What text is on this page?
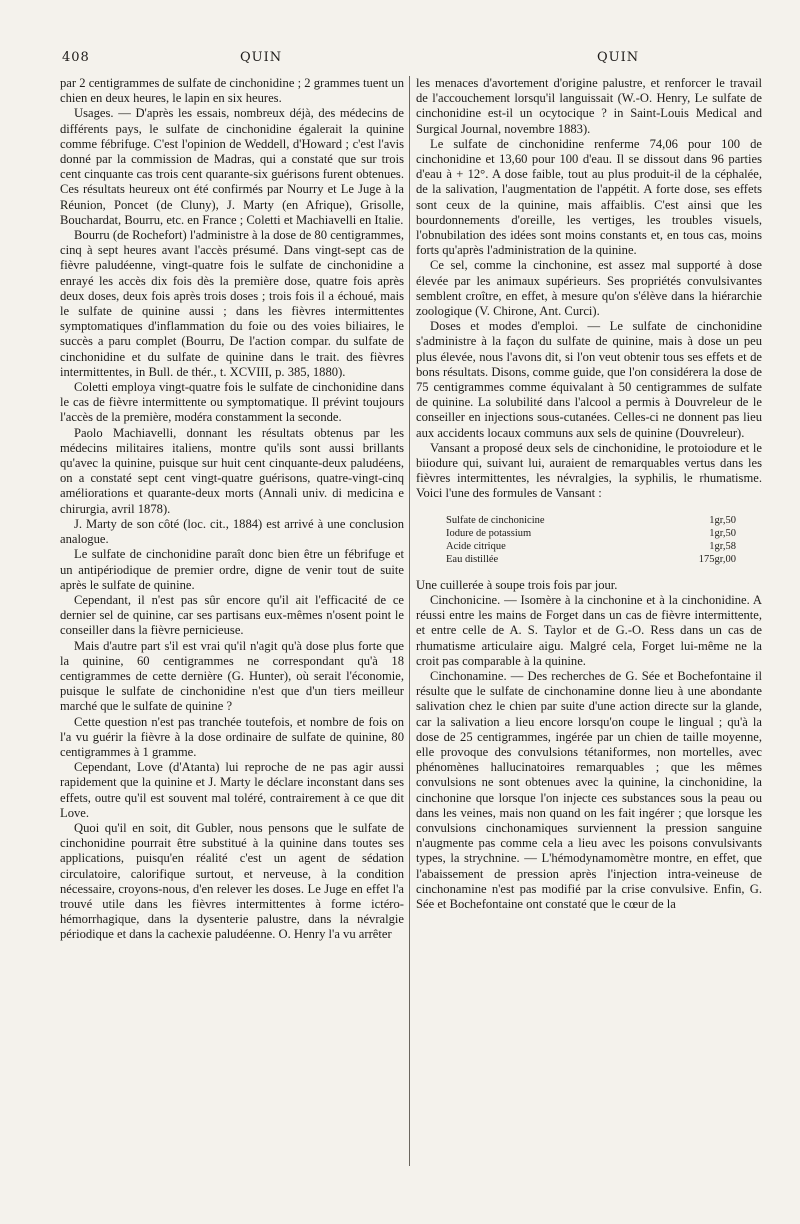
408	QUIN	QUIN

par 2 centigrammes de sulfate de cinchonidine ; 2 grammes tuent un chien en deux heures, le lapin en six heures.

Usages. — D'après les essais, nombreux déjà, des médecins de différents pays, le sulfate de cinchonidine égalerait la quinine comme fébrifuge. C'est l'opinion de Weddell, d'Howard ; c'est l'avis donné par la commission de Madras, qui a constaté que sur trois cent cinquante cas trois cent quarante-six guérisons furent obtenues. Ces résultats heureux ont été confirmés par Nourry et Le Juge à la Réunion, Poncet (de Cluny), J. Marty (en Afrique), Grisolle, Bouchardat, Bourru, etc. en France ; Coletti et Machiavelli en Italie.

Bourru (de Rochefort) l'administre à la dose de 80 centigrammes, cinq à sept heures avant l'accès présumé. Dans vingt-sept cas de fièvre paludéenne, vingt-quatre fois le sulfate de cinchonidine a enrayé les accès dix fois dès la première dose, quatre fois après deux doses, deux fois après trois doses ; trois fois il a échoué, mais le sulfate de quinine aussi ; dans les fièvres intermittentes symptomatiques d'inflammation du foie ou des voies biliaires, le succès a paru complet (Bourru, De l'action compar. du sulfate de cinchonidine et du sulfate de quinine dans le trait. des fièvres intermittentes, in Bull. de thér., t. XCVIII, p. 385, 1880).

Coletti employa vingt-quatre fois le sulfate de cinchonidine dans le cas de fièvre intermittente ou symptomatique. Il prévint toujours l'accès de la première, modéra constamment la seconde.

Paolo Machiavelli, donnant les résultats obtenus par les médecins militaires italiens, montre qu'ils sont aussi brillants qu'avec la quinine, puisque sur huit cent cinquante-deux paludéens, on a constaté sept cent vingt-quatre guérisons, quatre-vingt-cinq améliorations et quarante-deux morts (Annali univ. di medicina e chirurgia, avril 1878).

J. Marty de son côté (loc. cit., 1884) est arrivé à une conclusion analogue.

Le sulfate de cinchonidine paraît donc bien être un fébrifuge et un antipériodique de premier ordre, digne de venir tout de suite après le sulfate de quinine.

Cependant, il n'est pas sûr encore qu'il ait l'efficacité de ce dernier sel de quinine, car ses partisans eux-mêmes n'osent point le conseiller dans la fièvre pernicieuse.

Mais d'autre part s'il est vrai qu'il n'agit qu'à dose plus forte que la quinine, 60 centigrammes ne correspondant qu'à 18 centigrammes de cette dernière (G. Hunter), où serait l'économie, puisque le sulfate de cinchonidine n'est que d'un tiers meilleur marché que le sulfate de quinine ?

Cette question n'est pas tranchée toutefois, et nombre de fois on l'a vu guérir la fièvre à la dose ordinaire de sulfate de quinine, 80 centigrammes à 1 gramme.

Cependant, Love (d'Atanta) lui reproche de ne pas agir aussi rapidement que la quinine et J. Marty le déclare inconstant dans ses effets, outre qu'il est souvent mal toléré, contrairement à ce que dit Love.

Quoi qu'il en soit, dit Gubler, nous pensons que le sulfate de cinchonidine pourrait être substitué à la quinine dans toutes ses applications, puisqu'en réalité c'est un agent de sédation circulatoire, calorifique surtout, et nerveuse, à la condition nécessaire, croyons-nous, d'en relever les doses. Le Juge en effet l'a trouvé utile dans les fièvres intermittentes à forme ictéro-hémorrhagique, dans la dysenterie palustre, dans la névralgie périodique et dans la cachexie paludéenne. O. Henry l'a vu arrêter

les menaces d'avortement d'origine palustre, et renforcer le travail de l'accouchement lorsqu'il languissait (W.-O. Henry, Le sulfate de cinchonidine est-il un ocytocique ? in Saint-Louis Medical and Surgical Journal, novembre 1883).

Le sulfate de cinchonidine renferme 74,06 pour 100 de cinchonidine et 13,60 pour 100 d'eau. Il se dissout dans 96 parties d'eau à + 12°. A dose faible, tout au plus produit-il de la céphalée, de la salivation, l'augmentation de l'appétit. A forte dose, ses effets sont ceux de la quinine, mais affaiblis. C'est ainsi que les bourdonnements d'oreille, les vertiges, les troubles visuels, l'obnubilation des idées sont moins constants et, en tous cas, moins forts qu'après l'administration de la quinine.

Ce sel, comme la cinchonine, est assez mal supporté à dose élevée par les animaux supérieurs. Ses propriétés convulsivantes semblent croître, en effet, à mesure qu'on s'élève dans la hiérarchie zoologique (V. Chirone, Ant. Curci).

Doses et modes d'emploi. — Le sulfate de cinchonidine s'administre à la façon du sulfate de quinine, mais à dose un peu plus élevée, nous l'avons dit, si l'on veut obtenir tous ses effets et de bons résultats. Disons, comme guide, que l'on considérera la dose de 75 centigrammes comme équivalant à 50 centigrammes de sulfate de quinine. La solubilité dans l'alcool a permis à Douvreleur de le conseiller en injections sous-cutanées. Celles-ci ne donnent pas lieu aux accidents locaux communs aux sels de quinine (Douvreleur).

Vansant a proposé deux sels de cinchonidine, le protoiodure et le biiodure qui, suivant lui, auraient de remarquables vertus dans les fièvres intermittentes, les névralgies, la syphilis, le rhumatisme. Voici l'une des formules de Vansant :

Sulfate de cinchonicine	1gr,50
Iodure de potassium	1gr,50
Acide citrique	1gr,58
Eau distillée	175gr,00

Une cuillerée à soupe trois fois par jour.

Cinchonicine. — Isomère à la cinchonine et à la cinchonidine. A réussi entre les mains de Forget dans un cas de fièvre intermittente, et entre celle de A. S. Taylor et de G.-O. Ress dans un cas de rhumatisme articulaire aigu. Malgré cela, Forget lui-même ne la croit pas comparable à la quinine.

Cinchonamine. — Des recherches de G. Sée et Bochefontaine il résulte que le sulfate de cinchonamine donne lieu à une abondante salivation chez le chien par suite d'une action directe sur la glande, car la salivation a lieu encore lorsqu'on coupe le lingual ; qu'à la dose de 25 centigrammes, ingérée par un chien de taille moyenne, elle provoque des convulsions tétaniformes, non mortelles, avec phénomènes hallucinatoires remarquables ; que les mêmes convulsions ne sont obtenues avec la quinine, la cinchonidine, la cinchonine que lorsque l'on injecte ces substances sous la peau ou dans les veines, mais non quand on les fait ingérer ; que lorsque les convulsions cinchonamiques surviennent la pression sanguine n'augmente pas comme cela a lieu avec les poisons convulsivants types, la strychnine. — L'hémodynamomètre montre, en effet, que l'abaissement de pression après l'injection intra-veineuse de cinchonamine n'est pas modifié par la crise convulsive. Enfin, G. Sée et Bochefontaine ont constaté que le cœur de la
